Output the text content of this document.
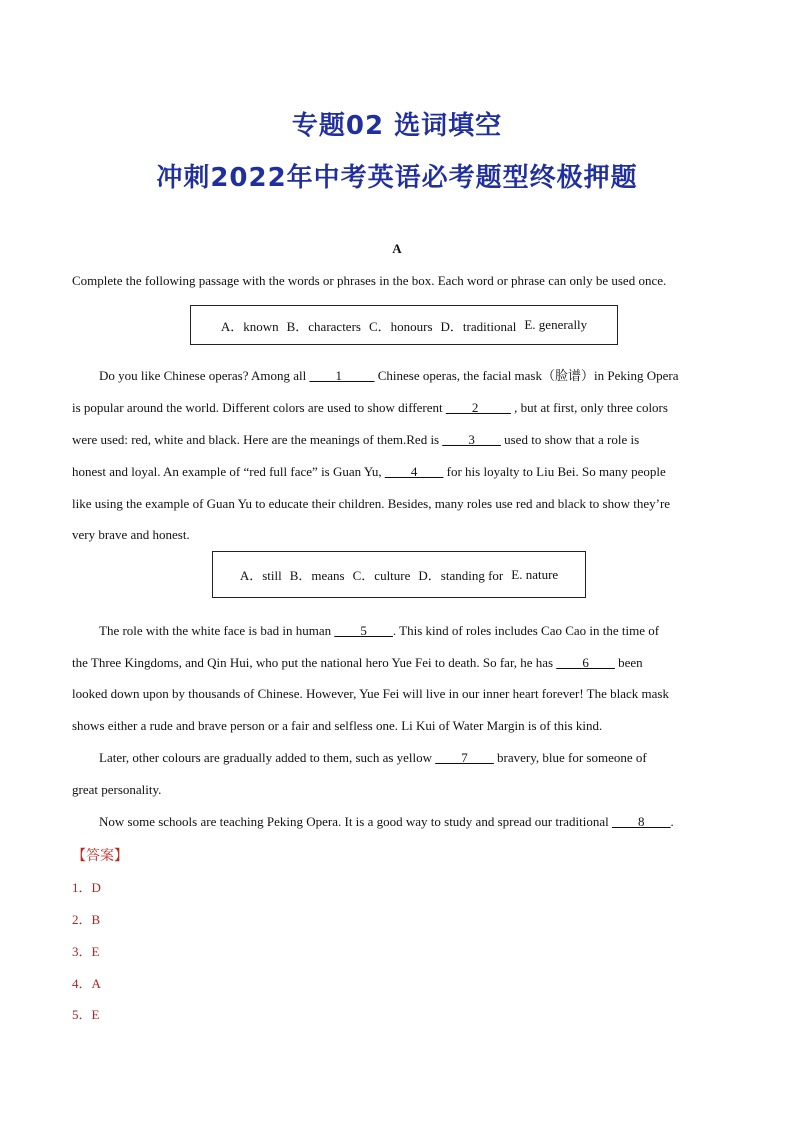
专题02 选词填空
冲刺2022年中考英语必考题型终极押题
A
Complete the following passage with the words or phrases in the box. Each word or phrase can only be used once.
A．known B．characters C．honours D．traditional E. generally
Do you like Chinese operas? Among all ____1_____ Chinese operas, the facial mask（脸谱）in Peking Opera
is popular around the world. Different colors are used to show different ____2_____ , but at first, only three colors
were used: red, white and black. Here are the meanings of them.Red is ____3____ used to show that a role is
honest and loyal. An example of “red full face” is Guan Yu, ____4____ for his loyalty to Liu Bei. So many people
like using the example of Guan Yu to educate their children. Besides, many roles use red and black to show they’re
very brave and honest.
A．still B．means C．culture D．standing for E. nature
The role with the white face is bad in human ____5____. This kind of roles includes Cao Cao in the time of
the Three Kingdoms, and Qin Hui, who put the national hero Yue Fei to death. So far, he has ____6____ been
looked down upon by thousands of Chinese. However, Yue Fei will live in our inner heart forever! The black mask
shows either a rude and brave person or a fair and selfless one. Li Kui of Water Margin is of this kind.
Later, other colours are gradually added to them, such as yellow ____7____ bravery, blue for someone of
great personality.
Now some schools are teaching Peking Opera. It is a good way to study and spread our traditional ____8____.
【答案】
1．D
2．B
3．E
4．A
5．E
